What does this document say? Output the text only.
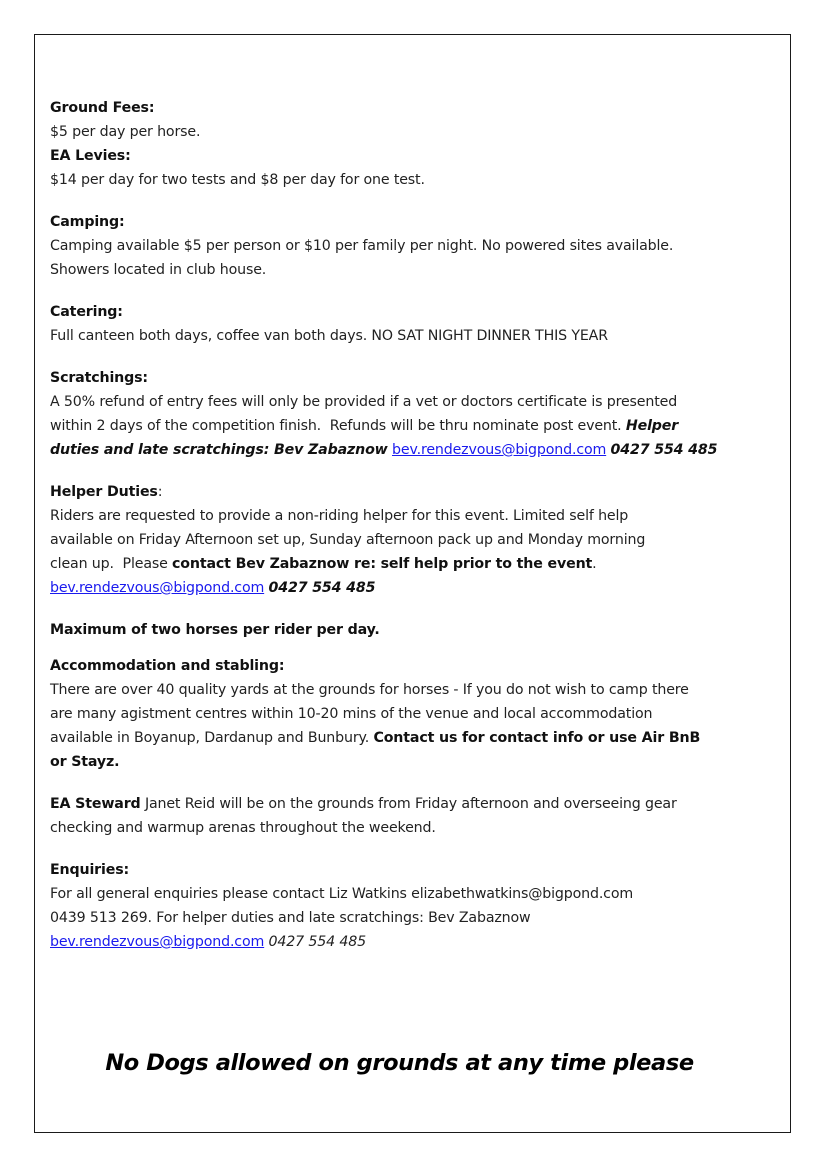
Ground Fees:
$5 per day per horse.
EA Levies:
$14 per day for two tests and $8 per day for one test.
Camping:
Camping available $5 per person or $10 per family per night. No powered sites available.
Showers located in club house.
Catering:
Full canteen both days, coffee van both days. NO SAT NIGHT DINNER THIS YEAR
Scratchings:
A 50% refund of entry fees will only be provided if a vet or doctors certificate is presented
within 2 days of the competition finish.  Refunds will be thru nominate post event. Helper
duties and late scratchings: Bev Zabaznow bev.rendezvous@bigpond.com 0427 554 485
Helper Duties:
Riders are requested to provide a non-riding helper for this event. Limited self help
available on Friday Afternoon set up, Sunday afternoon pack up and Monday morning
clean up.  Please contact Bev Zabaznow re: self help prior to the event.
bev.rendezvous@bigpond.com 0427 554 485
Maximum of two horses per rider per day.
Accommodation and stabling:
There are over 40 quality yards at the grounds for horses - If you do not wish to camp there
are many agistment centres within 10-20 mins of the venue and local accommodation
available in Boyanup, Dardanup and Bunbury. Contact us for contact info or use Air BnB
or Stayz.
EA Steward Janet Reid will be on the grounds from Friday afternoon and overseeing gear
checking and warmup arenas throughout the weekend.
Enquiries:
For all general enquiries please contact Liz Watkins elizabethwatkins@bigpond.com
0439 513 269. For helper duties and late scratchings: Bev Zabaznow
bev.rendezvous@bigpond.com 0427 554 485
No Dogs allowed on grounds at any time please
